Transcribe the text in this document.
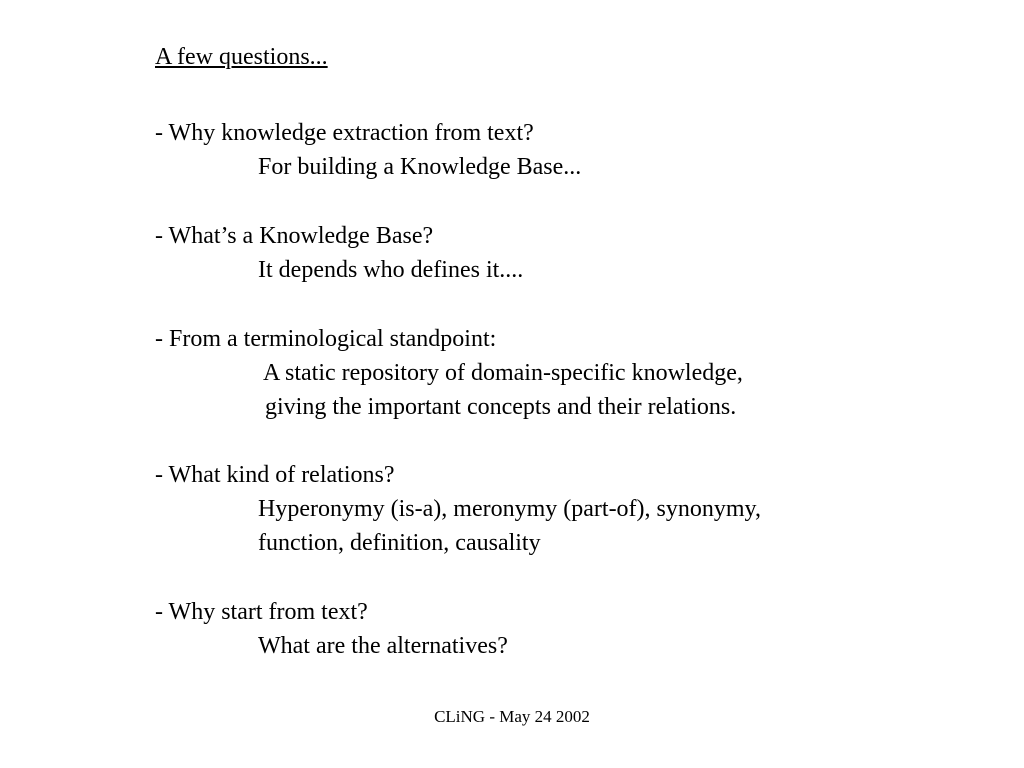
A few questions...
- Why knowledge extraction from text?
For building a Knowledge Base...
- What’s a Knowledge Base?
It depends who defines it....
- From a terminological standpoint:
A static repository of domain-specific knowledge,
giving the important concepts and their relations.
- What kind of relations?
Hyperonymy (is-a), meronymy (part-of), synonymy,
function, definition, causality
- Why start from text?
What are the alternatives?
CLiNG - May 24 2002
